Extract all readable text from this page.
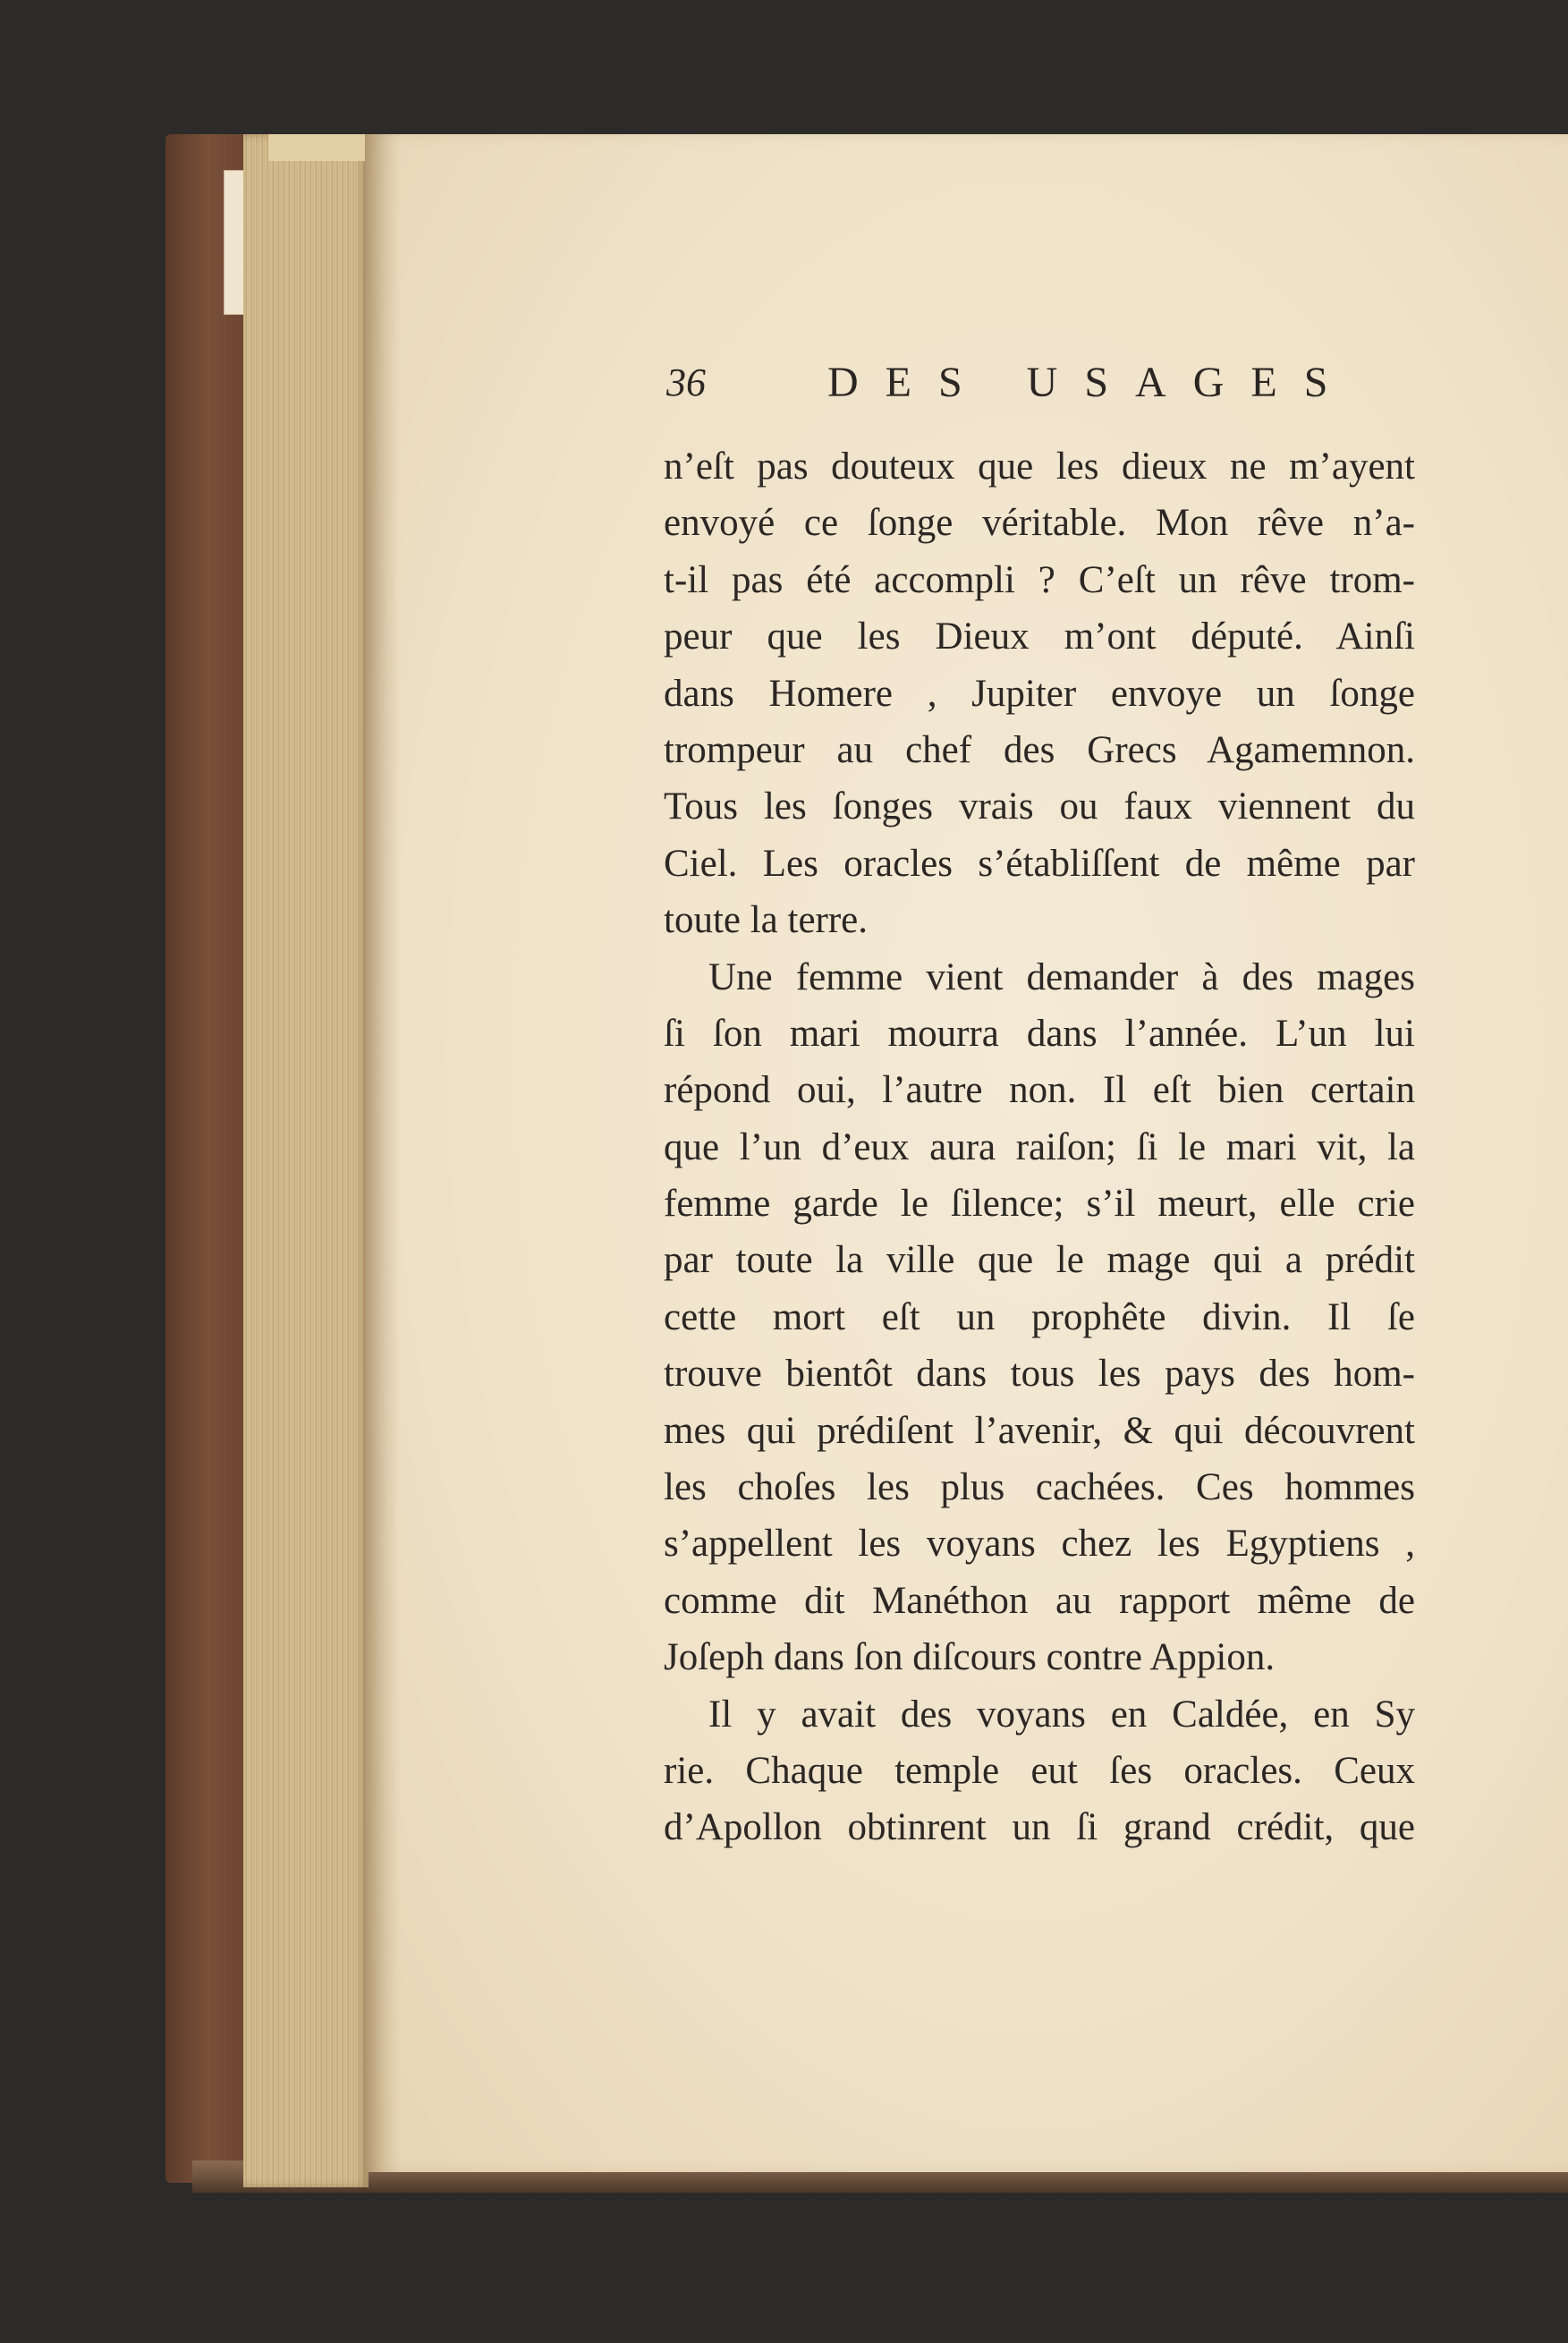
36	DES USAGES
n’eſt pas douteux que les dieux ne m’ayent
envoyé ce ſonge véritable. Mon rêve n’a-
t-il pas été accompli ? C’eſt un rêve trom-
peur que les Dieux m’ont député. Ainſi
dans Homere , Jupiter envoye un ſonge
trompeur au chef des Grecs Agamemnon.
Tous les ſonges vrais ou faux viennent du
Ciel. Les oracles s’établiſſent de même par
toute la terre.
Une femme vient demander à des mages
ſi ſon mari mourra dans l’année. L’un lui
répond oui, l’autre non. Il eſt bien certain
que l’un d’eux aura raiſon; ſi le mari vit, la
femme garde le ſilence; s’il meurt, elle crie
par toute la ville que le mage qui a prédit
cette mort eſt un prophête divin. Il ſe
trouve bientôt dans tous les pays des hom-
mes qui prédiſent l’avenir, & qui découvrent
les choſes les plus cachées. Ces hommes
s’appellent les voyans chez les Egyptiens ,
comme dit Manéthon au rapport même de
Joſeph dans ſon diſcours contre Appion.
Il y avait des voyans en Caldée, en Sy
rie. Chaque temple eut ſes oracles. Ceux
d’Apollon obtinrent un ſi grand crédit, que
